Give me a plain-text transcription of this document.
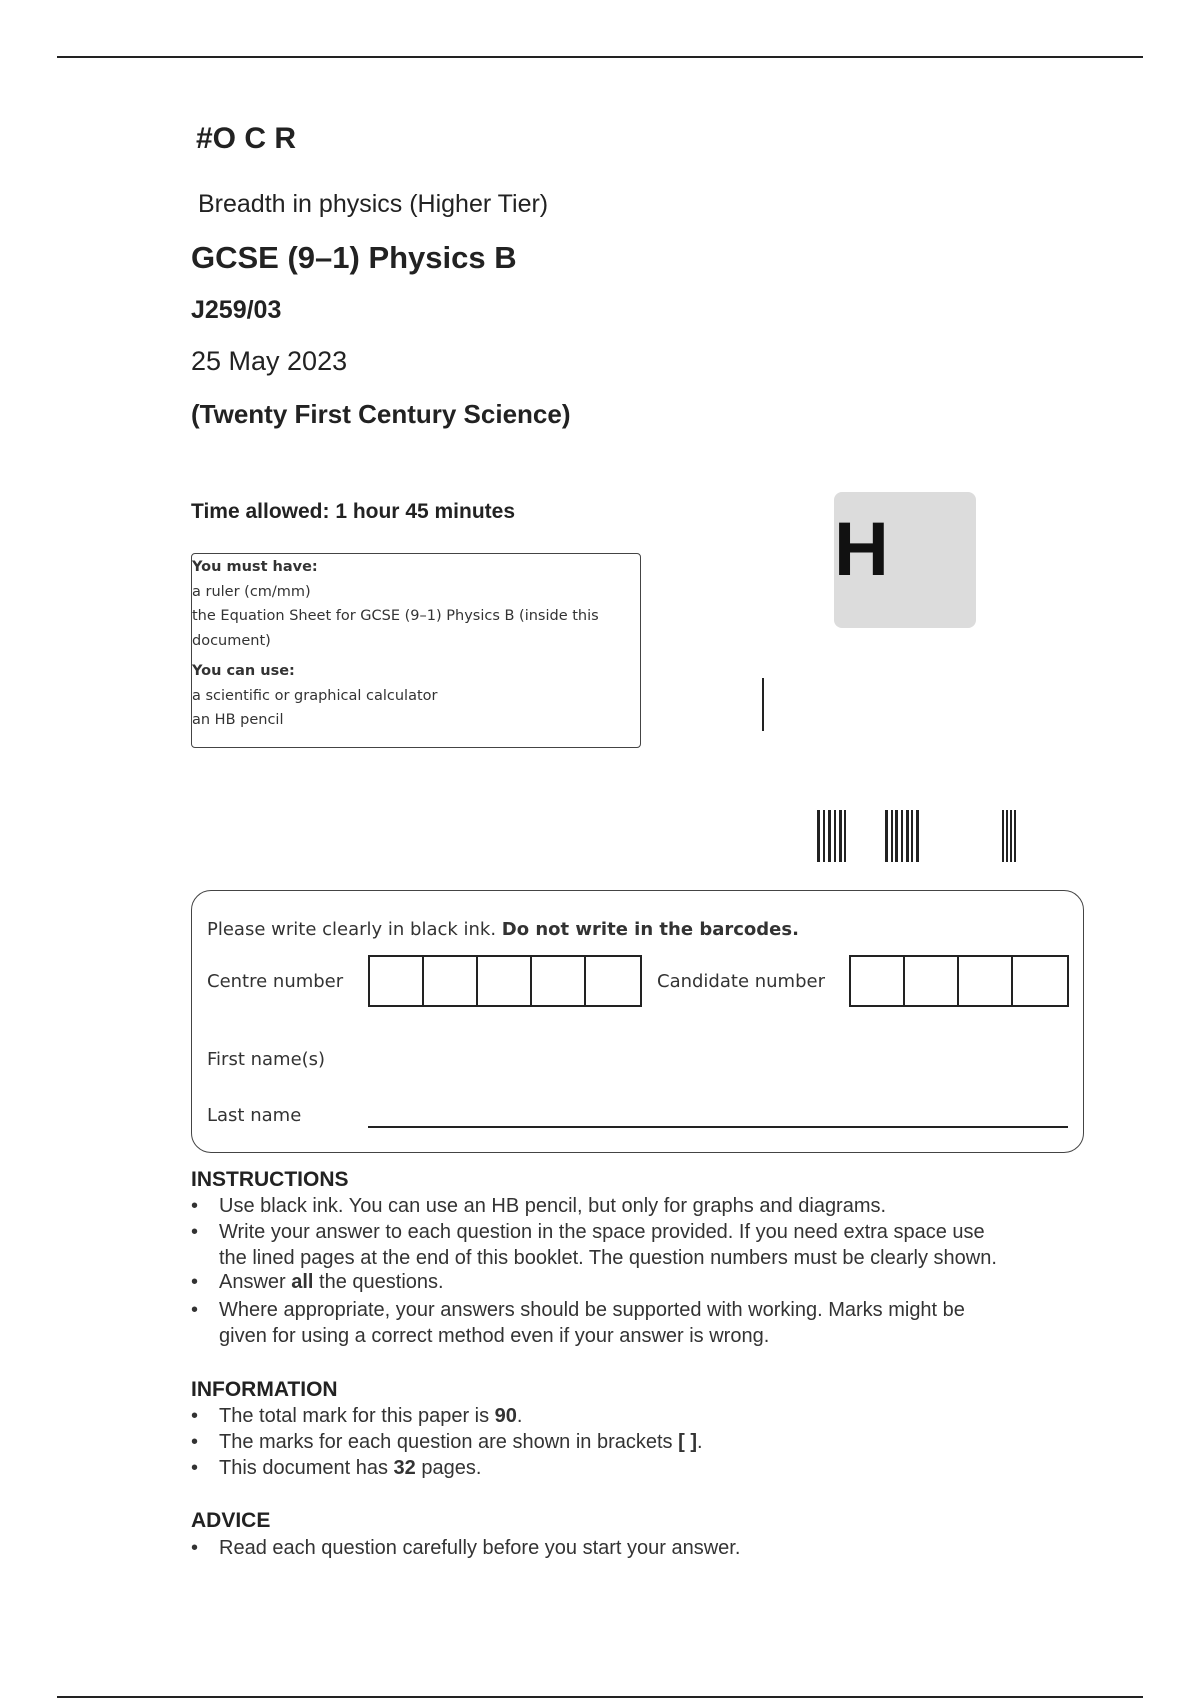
#O C R
Breadth in physics (Higher Tier)
GCSE (9–1) Physics B
J259/03
25 May 2023
(Twenty First Century Science)
Time allowed: 1 hour 45 minutes
You must have:
a ruler (cm/mm)
the Equation Sheet for GCSE (9–1) Physics B (inside this
document)
You can use:
a scientific or graphical calculator
an HB pencil
H
Please write clearly in black ink. Do not write in the barcodes.
Centre number	Candidate number
First name(s)
Last name
INSTRUCTIONS
• Use black ink. You can use an HB pencil, but only for graphs and diagrams.
• Write your answer to each question in the space provided. If you need extra space use
the lined pages at the end of this booklet. The question numbers must be clearly shown.
• Answer all the questions.
• Where appropriate, your answers should be supported with working. Marks might be
given for using a correct method even if your answer is wrong.
INFORMATION
• The total mark for this paper is 90.
• The marks for each question are shown in brackets [ ].
• This document has 32 pages.
ADVICE
• Read each question carefully before you start your answer.
